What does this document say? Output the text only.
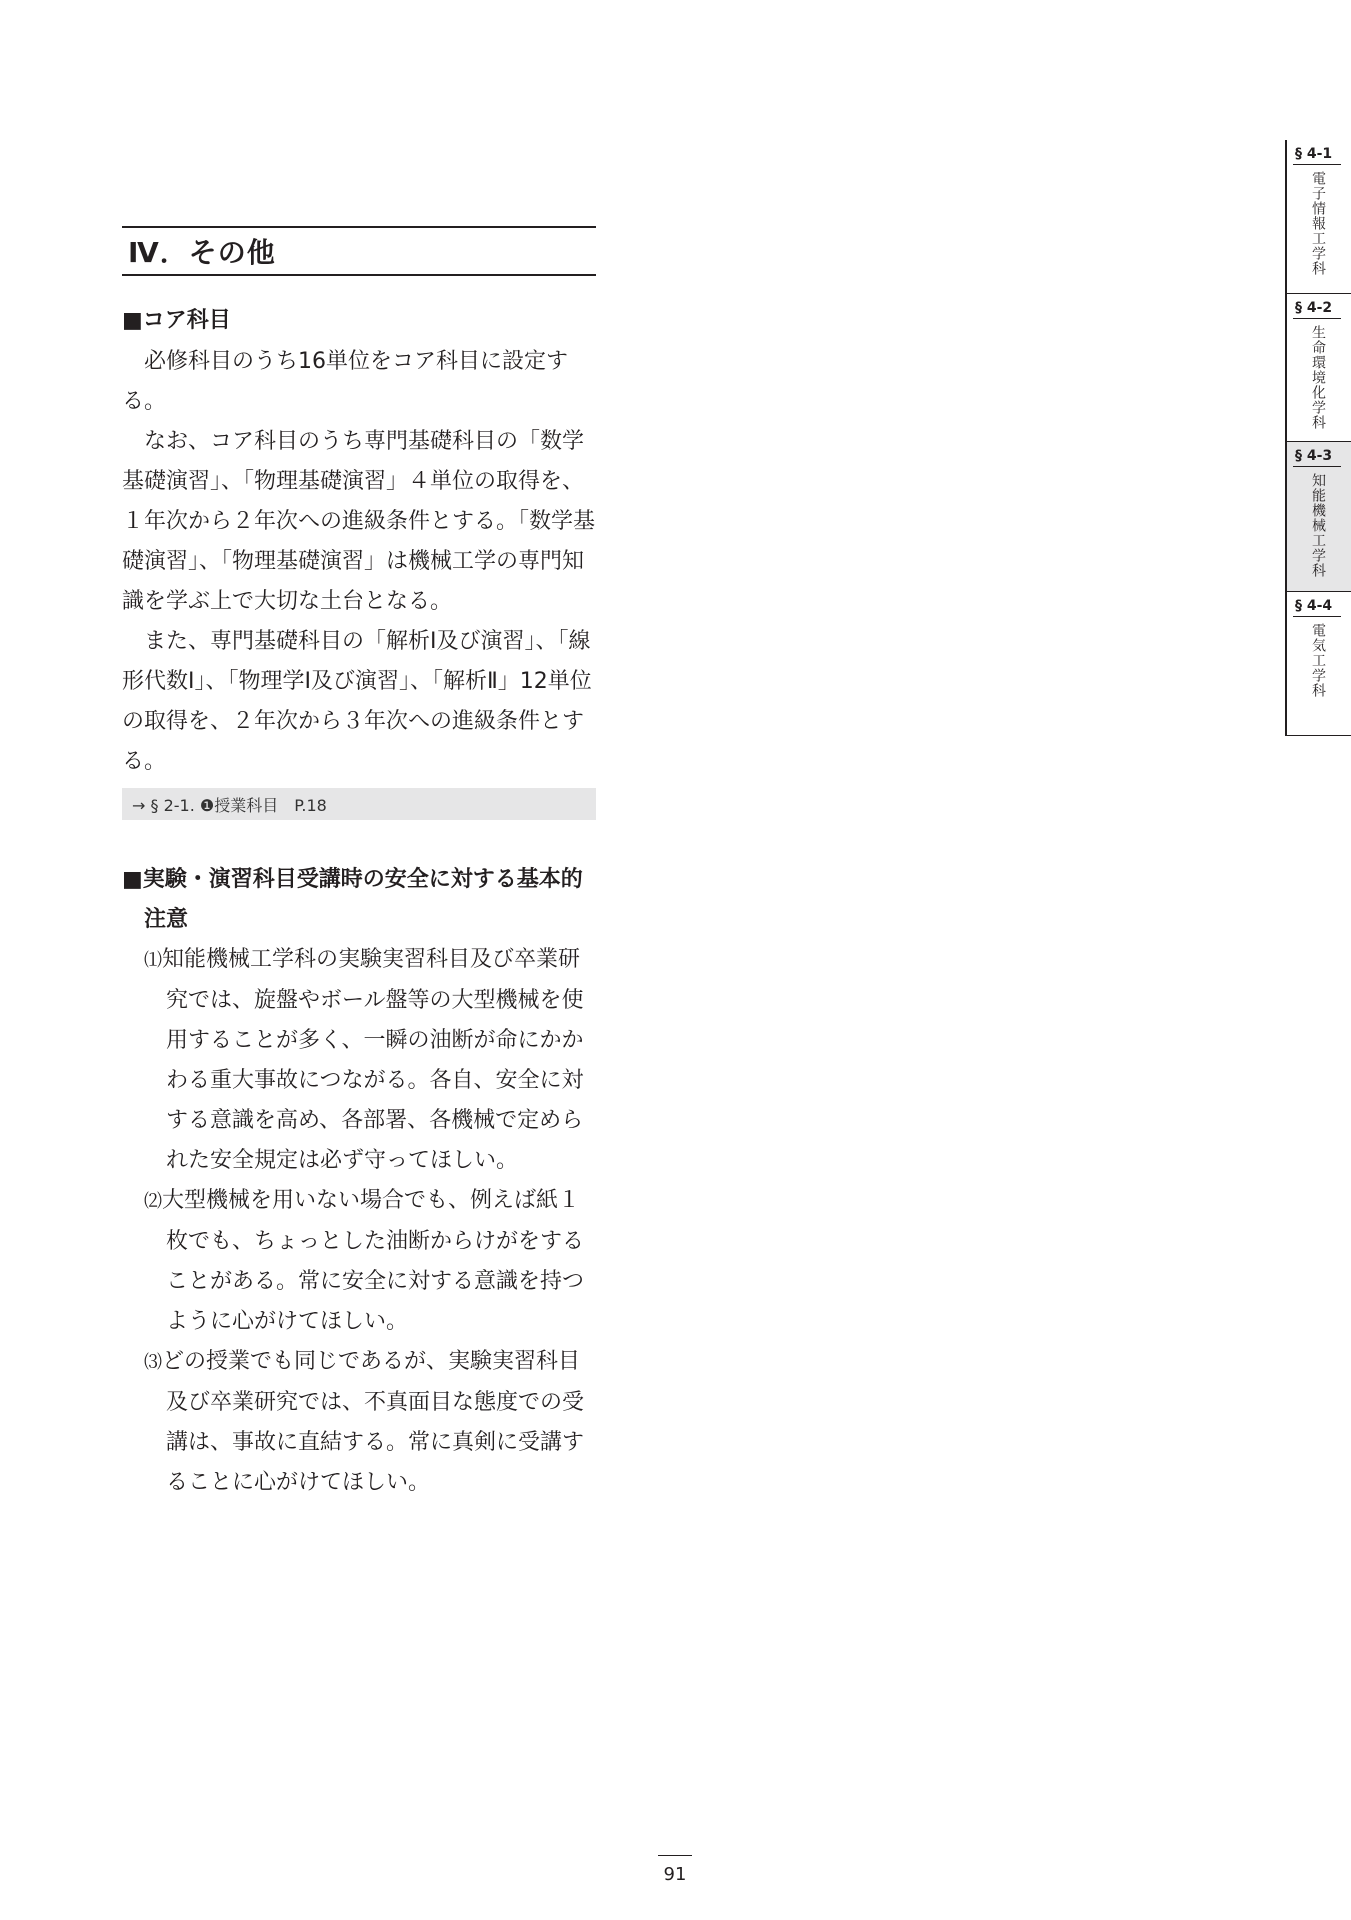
Ⅳ．その他
■コア科目

必修科目のうち16単位をコア科目に設定する。

なお、コア科目のうち専門基礎科目の「数学基礎演習」、「物理基礎演習」４単位の取得を、１年次から２年次への進級条件とする。「数学基礎演習」、「物理基礎演習」は機械工学の専門知識を学ぶ上で大切な土台となる。

また、専門基礎科目の「解析Ⅰ及び演習」、「線形代数Ⅰ」、「物理学Ⅰ及び演習」、「解析Ⅱ」12単位の取得を、２年次から３年次への進級条件とする。

→ § 2-1. ❶授業科目　P.18
■実験・演習科目受講時の安全に対する基本的注意

⑴知能機械工学科の実験実習科目及び卒業研究では、旋盤やボール盤等の大型機械を使用することが多く、一瞬の油断が命にかかわる重大事故につながる。各自、安全に対する意識を高め、各部署、各機械で定められた安全規定は必ず守ってほしい。

⑵大型機械を用いない場合でも、例えば紙１枚でも、ちょっとした油断からけがをすることがある。常に安全に対する意識を持つように心がけてほしい。

⑶どの授業でも同じであるが、実験実習科目及び卒業研究では、不真面目な態度での受講は、事故に直結する。常に真剣に受講することに心がけてほしい。

§ 4-1
電子情報工学科
§ 4-2
生命環境化学科
§ 4-3
知能機械工学科
§ 4-4
電気工学科
91
